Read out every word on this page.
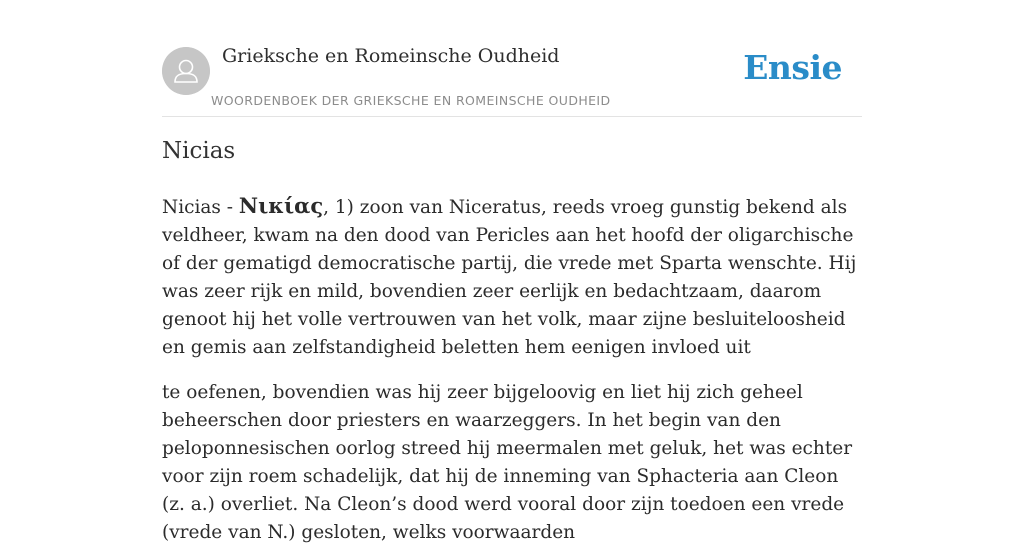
Grieksche en Romeinsche Oudheid
WOORDENBOEK DER GRIEKSCHE EN ROMEINSCHE OUDHEID
Ensie
Nicias

Nicias - Νικίας, 1) zoon van Niceratus, reeds vroeg gunstig bekend als veldheer, kwam na den dood van Pericles aan het hoofd der oligarchische of der gematigd democratische partij, die vrede met Sparta wenschte. Hij was zeer rijk en mild, bovendien zeer eerlijk en bedachtzaam, daarom genoot hij het volle vertrouwen van het volk, maar zijne besluiteloosheid en gemis aan zelfstandigheid beletten hem eenigen invloed uit

te oefenen, bovendien was hij zeer bijgeloovig en liet hij zich geheel beheerschen door priesters en waarzeggers. In het begin van den peloponnesischen oorlog streed hij meermalen met geluk, het was echter voor zijn roem schadelijk, dat hij de inneming van Sphacteria aan Cleon (z. a.) overliet. Na Cleon’s dood werd vooral door zijn toedoen een vrede (vrede van N.) gesloten, welks voorwaarden
